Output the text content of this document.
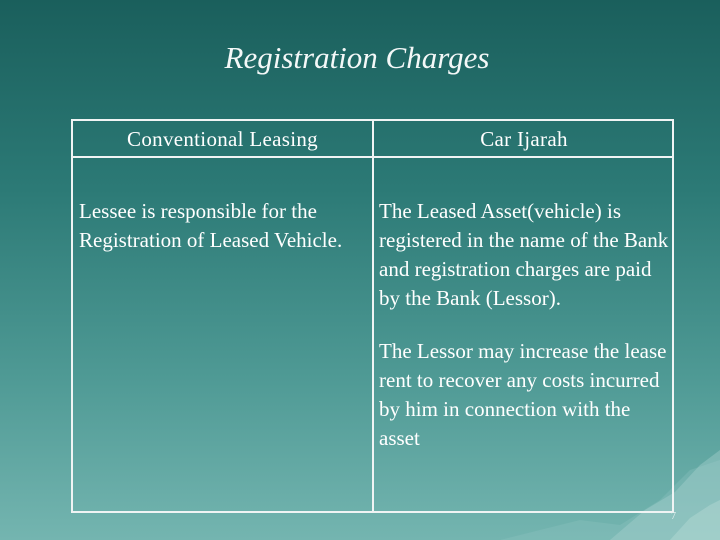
Registration Charges
Conventional Leasing	Car Ijarah
Lessee is responsible for the Registration of Leased Vehicle.

The Leased Asset(vehicle) is registered in the name of the Bank and registration charges are paid by the Bank (Lessor).

The Lessor may increase the lease rent to recover any costs incurred by him in connection with the asset

7
